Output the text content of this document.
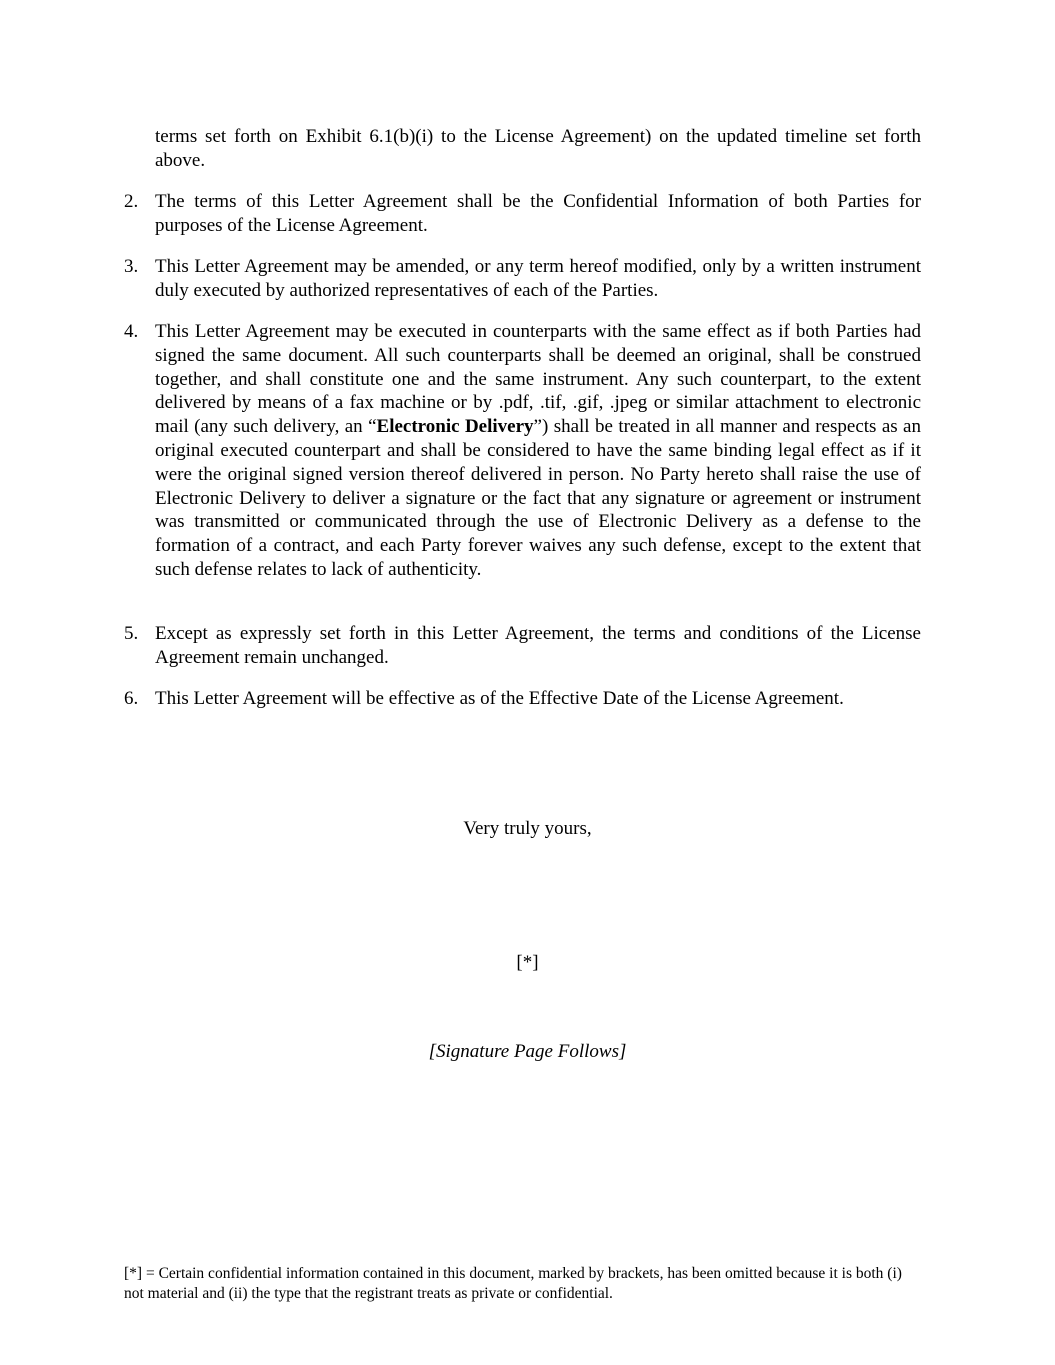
terms set forth on Exhibit 6.1(b)(i) to the License Agreement) on the updated timeline set forth above.

2. The terms of this Letter Agreement shall be the Confidential Information of both Parties for purposes of the License Agreement.

3. This Letter Agreement may be amended, or any term hereof modified, only by a written instrument duly executed by authorized representatives of each of the Parties.

4. This Letter Agreement may be executed in counterparts with the same effect as if both Parties had signed the same document. All such counterparts shall be deemed an original, shall be construed together, and shall constitute one and the same instrument. Any such counterpart, to the extent delivered by means of a fax machine or by .pdf, .tif, .gif, .jpeg or similar attachment to electronic mail (any such delivery, an “Electronic Delivery”) shall be treated in all manner and respects as an original executed counterpart and shall be considered to have the same binding legal effect as if it were the original signed version thereof delivered in person. No Party hereto shall raise the use of Electronic Delivery to deliver a signature or the fact that any signature or agreement or instrument was transmitted or communicated through the use of Electronic Delivery as a defense to the formation of a contract, and each Party forever waives any such defense, except to the extent that such defense relates to lack of authenticity.

5. Except as expressly set forth in this Letter Agreement, the terms and conditions of the License Agreement remain unchanged.

6. This Letter Agreement will be effective as of the Effective Date of the License Agreement.

Very truly yours,
[*]
[Signature Page Follows]

[*] = Certain confidential information contained in this document, marked by brackets, has been omitted because it is both (i) not material and (ii) the type that the registrant treats as private or confidential.
